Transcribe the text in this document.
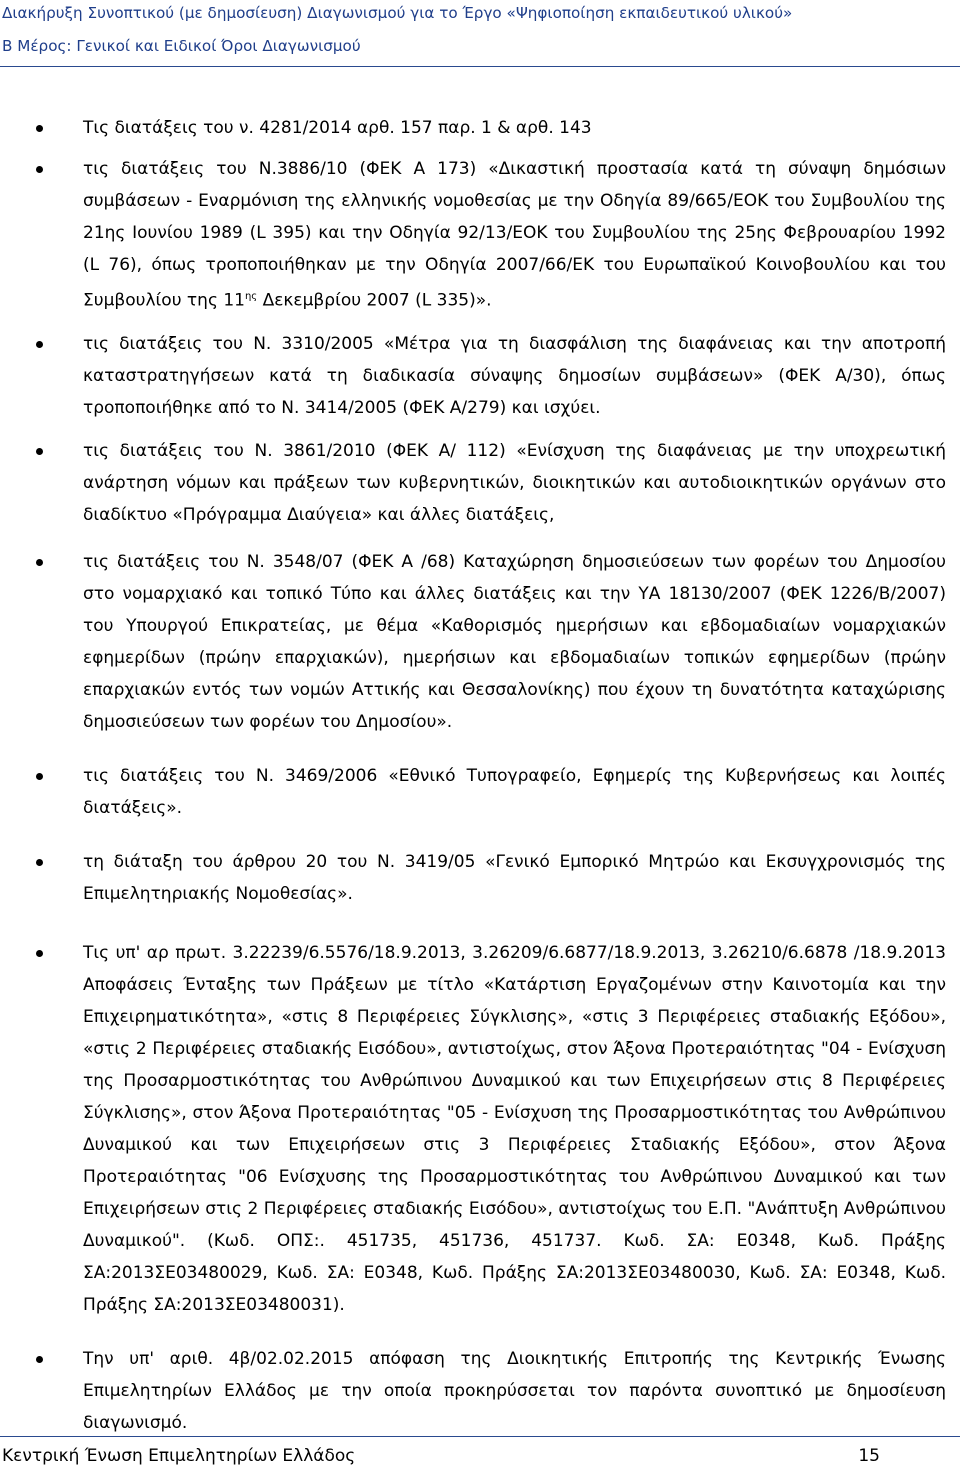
Διακήρυξη Συνοπτικού (με δημοσίευση) Διαγωνισμού για το Έργο «Ψηφιοποίηση εκπαιδευτικού υλικού»
Β Μέρος: Γενικοί και Ειδικοί Όροι Διαγωνισμού
Τις διατάξεις του ν. 4281/2014 αρθ. 157 παρ. 1 & αρθ. 143
τις διατάξεις του Ν.3886/10 (ΦΕΚ Α 173) «Δικαστική προστασία κατά τη σύναψη δημόσιων συμβάσεων - Εναρμόνιση της ελληνικής νομοθεσίας με την Οδηγία 89/665/ΕΟΚ του Συμβουλίου της 21ης Ιουνίου 1989 (L 395) και την Οδηγία 92/13/ΕΟΚ του Συμβουλίου της 25ης Φεβρουαρίου 1992 (L 76), όπως τροποποιήθηκαν με την Οδηγία 2007/66/ΕΚ του Ευρωπαϊκού Κοινοβουλίου και του Συμβουλίου της $11^{\eta\varsigma}$ Δεκεμβρίου 2007 (L 335)».
τις διατάξεις του Ν. 3310/2005 «Μέτρα για τη διασφάλιση της διαφάνειας και την αποτροπή καταστρατηγήσεων κατά τη διαδικασία σύναψης δημοσίων συμβάσεων» (ΦΕΚ Α/30), όπως τροποποιήθηκε από το Ν. 3414/2005 (ΦΕΚ Α/279) και ισχύει.
τις διατάξεις του Ν. 3861/2010 (ΦΕΚ Α/ 112) «Ενίσχυση της διαφάνειας με την υποχρεωτική ανάρτηση νόμων και πράξεων των κυβερνητικών, διοικητικών και αυτοδιοικητικών οργάνων στο διαδίκτυο «Πρόγραμμα Διαύγεια» και άλλες διατάξεις,
τις διατάξεις του Ν. 3548/07 (ΦΕΚ Α /68) Καταχώρηση δημοσιεύσεων των φορέων του Δημοσίου στο νομαρχιακό και τοπικό Τύπο και άλλες διατάξεις και την ΥΑ 18130/2007 (ΦΕΚ 1226/Β/2007) του Υπουργού Επικρατείας, με θέμα «Καθορισμός ημερήσιων και εβδομαδιαίων νομαρχιακών εφημερίδων (πρώην επαρχιακών), ημερήσιων και εβδομαδιαίων τοπικών εφημερίδων (πρώην επαρχιακών εντός των νομών Αττικής και Θεσσαλονίκης) που έχουν τη δυνατότητα καταχώρισης δημοσιεύσεων των φορέων του Δημοσίου».
τις διατάξεις του Ν. 3469/2006 «Εθνικό Τυπογραφείο, Εφημερίς της Κυβερνήσεως και λοιπές διατάξεις».
τη διάταξη του άρθρου 20 του Ν. 3419/05 «Γενικό Εμπορικό Μητρώο και Εκσυγχρονισμός της Επιμελητηριακής Νομοθεσίας».
Τις υπ' αρ πρωτ. 3.22239/6.5576/18.9.2013, 3.26209/6.6877/18.9.2013, 3.26210/6.6878 /18.9.2013 Αποφάσεις Ένταξης των Πράξεων με τίτλο «Κατάρτιση Εργαζομένων στην Καινοτομία και την Επιχειρηματικότητα», «στις 8 Περιφέρειες Σύγκλισης», «στις 3 Περιφέρειες σταδιακής Εξόδου», «στις 2 Περιφέρειες σταδιακής Εισόδου», αντιστοίχως, στον Άξονα Προτεραιότητας "04 - Ενίσχυση της Προσαρμοστικότητας του Ανθρώπινου Δυναμικού και των Επιχειρήσεων στις 8 Περιφέρειες Σύγκλισης», στον Άξονα Προτεραιότητας "05 - Ενίσχυση της Προσαρμοστικότητας του Ανθρώπινου Δυναμικού και των Επιχειρήσεων στις 3 Περιφέρειες Σταδιακής Εξόδου», στον Άξονα Προτεραιότητας "06 Ενίσχυσης της Προσαρμοστικότητας του Ανθρώπινου Δυναμικού και των Επιχειρήσεων στις 2 Περιφέρειες σταδιακής Εισόδου», αντιστοίχως του Ε.Π. "Ανάπτυξη Ανθρώπινου Δυναμικού". (Κωδ. ΟΠΣ:. 451735, 451736, 451737. Κωδ. ΣΑ: Ε0348, Κωδ. Πράξης ΣΑ:2013ΣΕ03480029, Κωδ. ΣΑ: Ε0348, Κωδ. Πράξης ΣΑ:2013ΣΕ03480030, Κωδ. ΣΑ: Ε0348, Κωδ. Πράξης ΣΑ:2013ΣΕ03480031).
Την υπ' αριθ. 4β/02.02.2015 απόφαση της Διοικητικής Επιτροπής της Κεντρικής Ένωσης Επιμελητηρίων Ελλάδος με την οποία προκηρύσσεται τον παρόντα συνοπτικό με δημοσίευση διαγωνισμό.
Κεντρική Ένωση Επιμελητηρίων Ελλάδος	15
